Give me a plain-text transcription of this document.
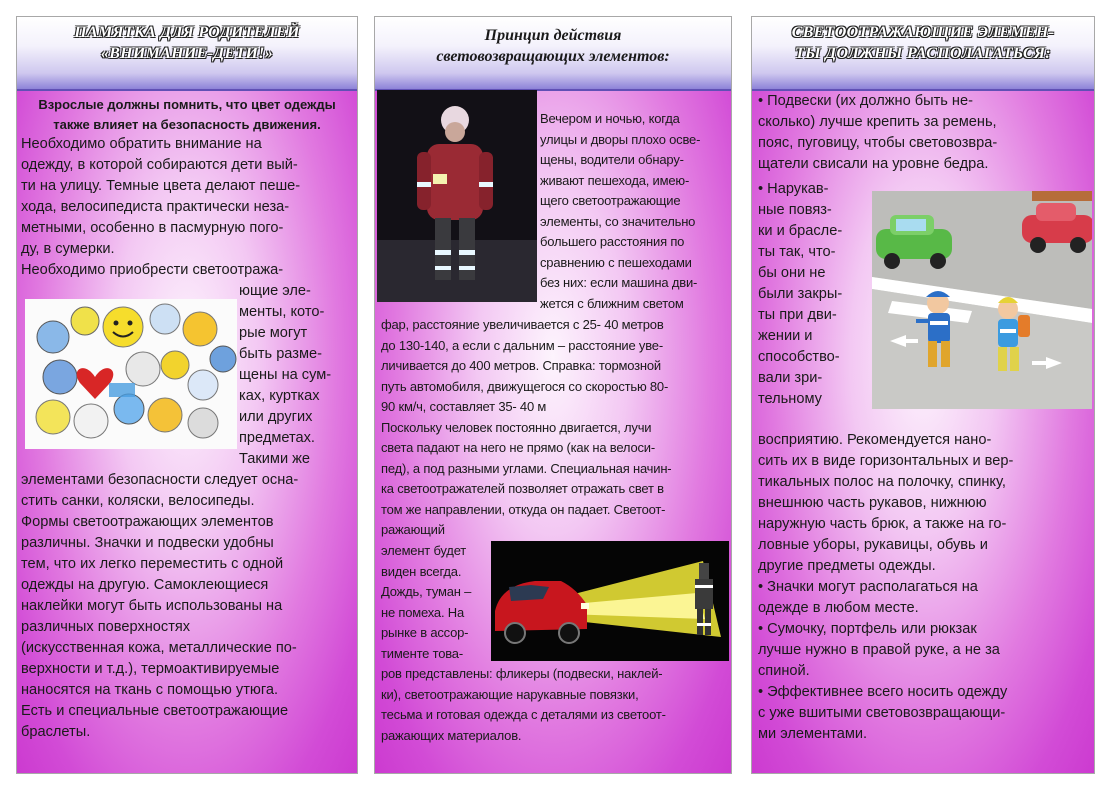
ПАМЯТКА ДЛЯ РОДИТЕЛЕЙ
«ВНИМАНИЕ-ДЕТИ!»
Взрослые должны помнить, что цвет одежды
также влияет на безопасность движения.
Необходимо обратить внимание на
одежду, в которой собираются дети вый-
ти на улицу. Темные цвета делают пеше-
хода, велосипедиста практически неза-
метными, особенно в пасмурную пого-
ду, в сумерки.
Необходимо приобрести светоотража-
ющие эле-
менты, кото-
рые могут
быть разме-
щены на сум-
ках, куртках
или других
предметах.
Такими же
элементами безопасности следует осна-
стить санки, коляски, велосипеды.
Формы светоотражающих элементов
различны. Значки и подвески удобны
тем, что их легко переместить с одной
одежды на другую. Самоклеющиеся
наклейки могут быть использованы на
различных поверхностях
(искусственная кожа, металлические по-
верхности и т.д.), термоактивируемые
наносятся на ткань с помощью утюга.
Есть и специальные светоотражающие
браслеты.
Принцип действия
световозвращающих элементов:
Вечером и ночью, когда
улицы и дворы плохо осве-
щены, водители обнару-
живают пешехода, имею-
щего светоотражающие
элементы, со значительно
большего расстояния по
сравнению с пешеходами
без них: если машина дви-
жется с ближним светом
фар, расстояние увеличивается с 25- 40 метров
до 130-140, а если с дальним – расстояние уве-
личивается до 400 метров. Справка: тормозной
путь автомобиля, движущегося со скоростью 80-
90 км/ч, составляет 35- 40 м
Поскольку человек постоянно двигается, лучи
света падают на него не прямо (как на велоси-
пед), а под разными углами. Специальная начин-
ка светоотражателей позволяет отражать свет в
том же направлении, откуда он падает. Светоот-
ражающий
элемент будет
виден всегда.
Дождь, туман –
не помеха. На
рынке в ассор-
тименте това-
ров представлены: фликеры (подвески, наклей-
ки), светоотражающие нарукавные повязки,
тесьма и готовая одежда с деталями из светоот-
ражающих материалов.
СВЕТООТРАЖАЮЩИЕ ЭЛЕМЕН-
ТЫ ДОЛЖНЫ РАСПОЛАГАТЬСЯ:
• Подвески (их должно быть не-
сколько) лучше крепить за ремень,
пояс, пуговицу, чтобы световозвра-
щатели свисали на уровне бедра.
• Нарукав-
ные повяз-
ки и брасле-
ты так, что-
бы они не
были закры-
ты при дви-
жении и
способство-
вали зри-
тельному
восприятию. Рекомендуется нано-
сить их в виде горизонтальных и вер-
тикальных полос на полочку, спинку,
внешнюю часть рукавов, нижнюю
наружную часть брюк, а также на го-
ловные уборы, рукавицы, обувь и
другие предметы одежды.
• Значки могут располагаться на
одежде в любом месте.
• Сумочку, портфель или рюкзак
лучше нужно в правой руке, а не за
спиной.
• Эффективнее всего носить одежду
с уже вшитыми световозвращающи-
ми элементами.
